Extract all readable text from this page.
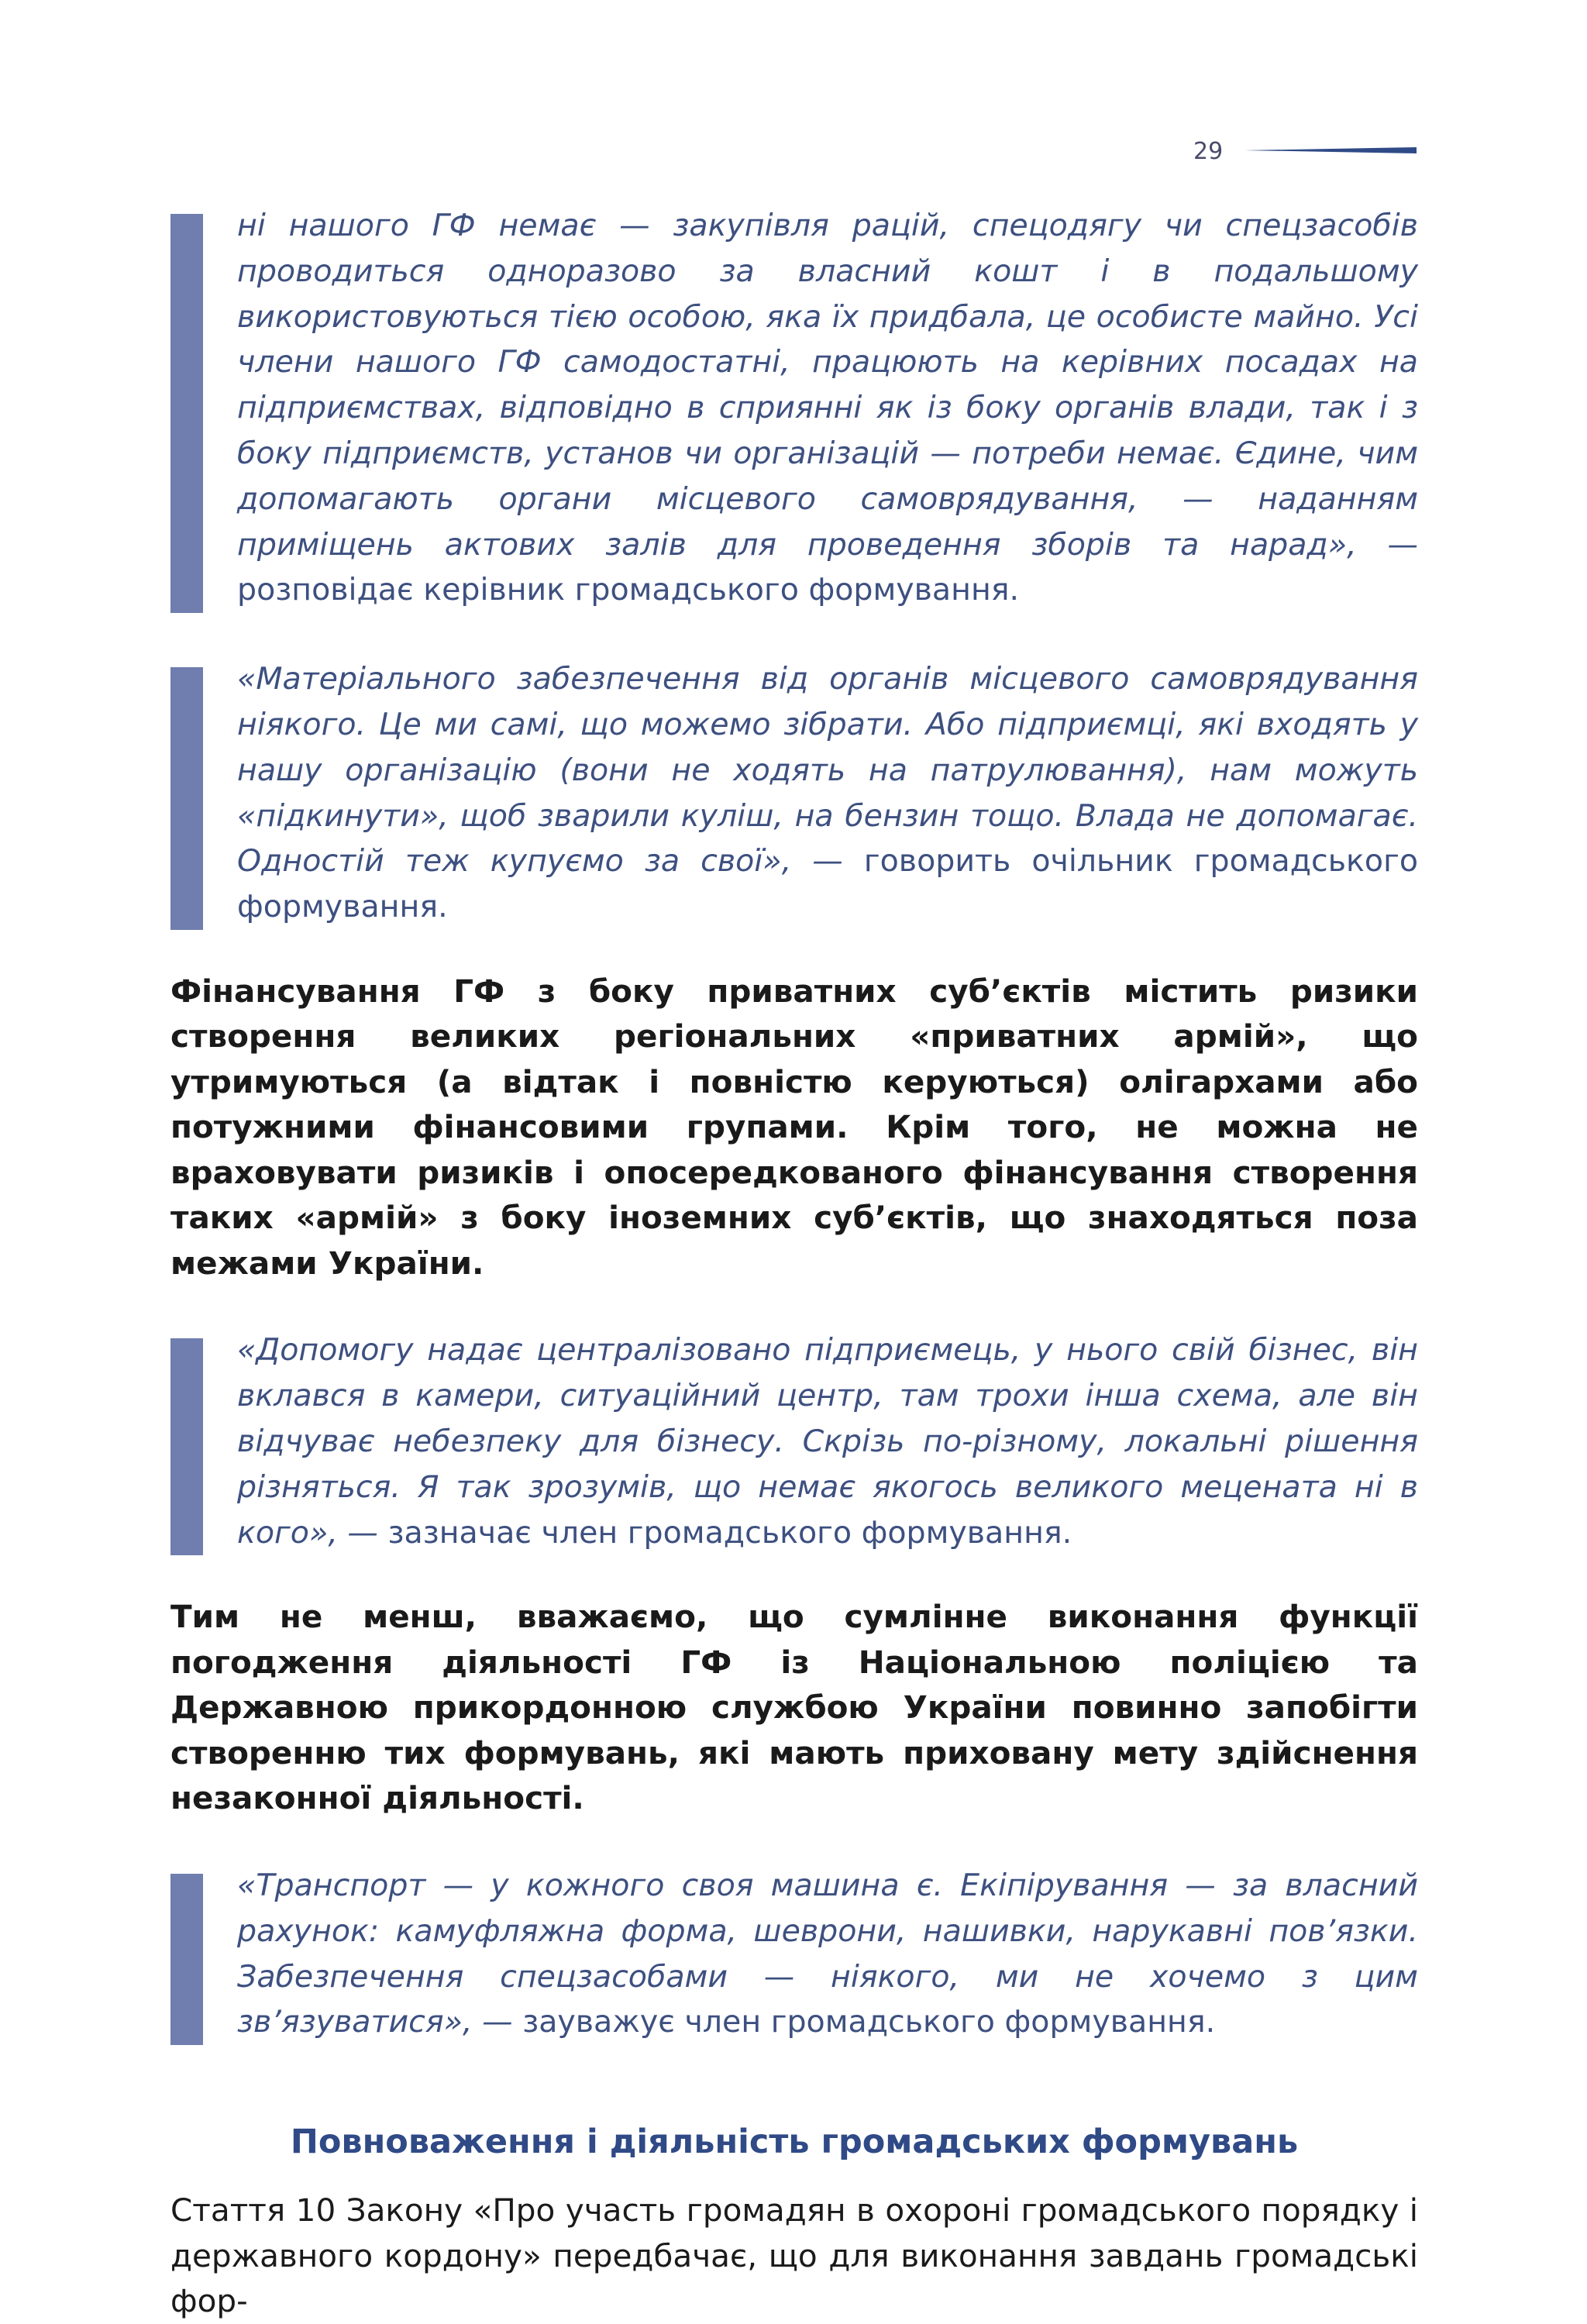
29

ні нашого ГФ немає — закупівля рацій, спецодягу чи спецзасобів проводиться одноразово за власний кошт і в подальшому використовуються тією особою, яка їх придбала, це особисте майно. Усі члени нашого ГФ самодостатні, працюють на керівних посадах на підприємствах, відповідно в сприянні як із боку органів влади, так і з боку підприємств, установ чи організацій — потреби немає. Єдине, чим допомагають органи місцевого самоврядування, — наданням приміщень актових залів для проведення зборів та нарад», — розповідає керівник громадського формування.

«Матеріального забезпечення від органів місцевого самоврядування ніякого. Це ми самі, що можемо зібрати. Або підприємці, які входять у нашу організацію (вони не ходять на патрулювання), нам можуть «підкинути», щоб зварили куліш, на бензин тощо. Влада не допомагає. Одностій теж купуємо за свої», — говорить очільник громадського формування.

Фінансування ГФ з боку приватних суб’єктів містить ризики створення великих регіональних «приватних армій», що утримуються (а відтак і повністю керуються) олігархами або потужними фінансовими групами. Крім того, не можна не враховувати ризиків і опосередкованого фінансування створення таких «армій» з боку іноземних суб’єктів, що знаходяться поза межами України.

«Допомогу надає централізовано підприємець, у нього свій бізнес, він вклався в камери, ситуаційний центр, там трохи інша схема, але він відчуває небезпеку для бізнесу. Скрізь по-різному, локальні рішення різняться. Я так зрозумів, що немає якогось великого мецената ні в кого», — зазначає член громадського формування.

Тим не менш, вважаємо, що сумлінне виконання функції погодження діяльності ГФ із Національною поліцією та Державною прикордонною службою України повинно запобігти створенню тих формувань, які мають приховану мету здійснення незаконної діяльності.

«Транспорт — у кожного своя машина є. Екіпірування — за власний рахунок: камуфляжна форма, шеврони, нашивки, нарукавні пов’язки. Забезпечення спецзасобами — ніякого, ми не хочемо з цим зв’язуватися», — зауважує член громадського формування.

Повноваження і діяльність громадських формувань

Стаття 10 Закону «Про участь громадян в охороні громадського порядку і державного кордону» передбачає, що для виконання завдань громадські фор-
